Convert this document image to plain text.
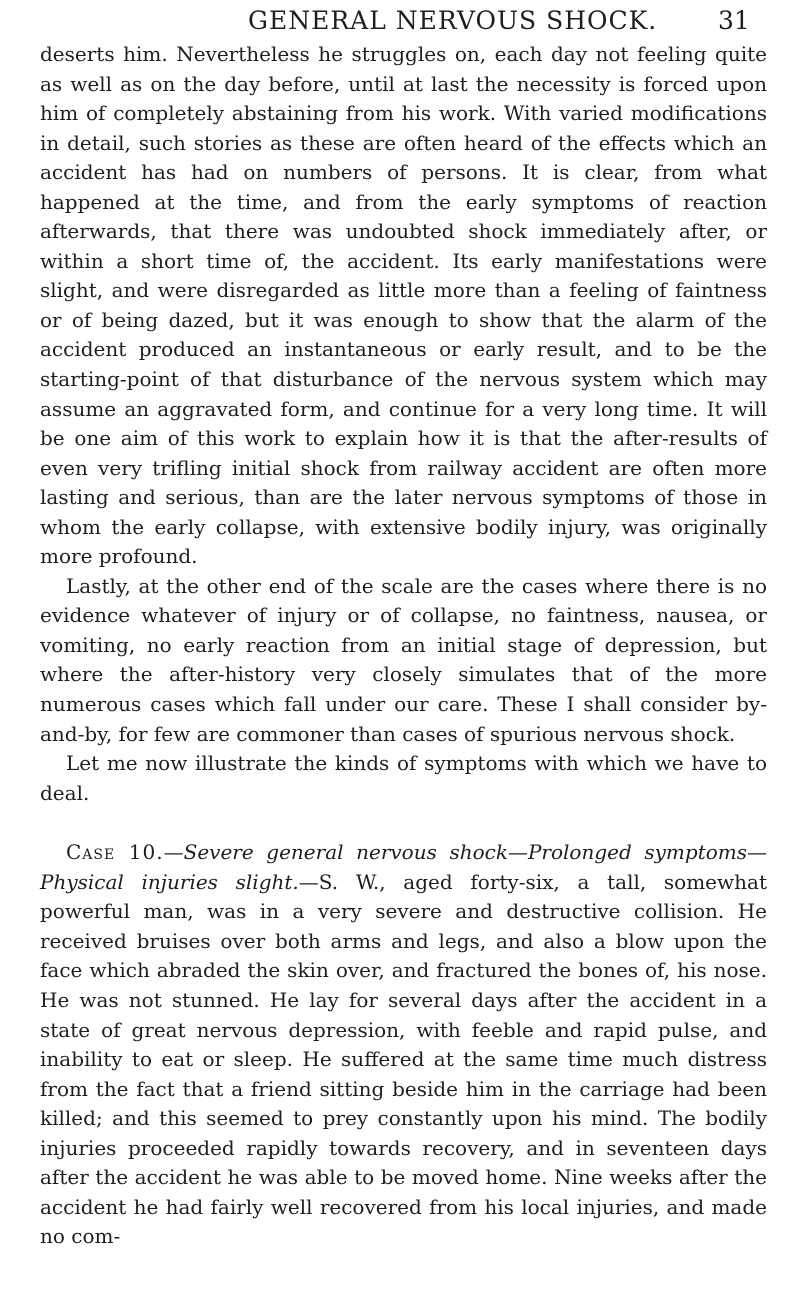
GENERAL NERVOUS SHOCK. 31

deserts him. Nevertheless he struggles on, each day not feeling quite as well as on the day before, until at last the necessity is forced upon him of completely abstaining from his work. With varied modifications in detail, such stories as these are often heard of the effects which an accident has had on numbers of persons. It is clear, from what happened at the time, and from the early symptoms of reaction afterwards, that there was undoubted shock immediately after, or within a short time of, the accident. Its early manifestations were slight, and were disregarded as little more than a feeling of faintness or of being dazed, but it was enough to show that the alarm of the accident produced an instantaneous or early result, and to be the starting-point of that disturbance of the nervous system which may assume an aggravated form, and continue for a very long time. It will be one aim of this work to explain how it is that the after-results of even very trifling initial shock from railway accident are often more lasting and serious, than are the later nervous symptoms of those in whom the early collapse, with extensive bodily injury, was originally more profound.

Lastly, at the other end of the scale are the cases where there is no evidence whatever of injury or of collapse, no faintness, nausea, or vomiting, no early reaction from an initial stage of depression, but where the after-history very closely simulates that of the more numerous cases which fall under our care. These I shall consider by-and-by, for few are commoner than cases of spurious nervous shock.

Let me now illustrate the kinds of symptoms with which we have to deal.

Case 10.—Severe general nervous shock—Prolonged symptoms—Physical injuries slight.—S. W., aged forty-six, a tall, somewhat powerful man, was in a very severe and destructive collision. He received bruises over both arms and legs, and also a blow upon the face which abraded the skin over, and fractured the bones of, his nose. He was not stunned. He lay for several days after the accident in a state of great nervous depression, with feeble and rapid pulse, and inability to eat or sleep. He suffered at the same time much distress from the fact that a friend sitting beside him in the carriage had been killed; and this seemed to prey constantly upon his mind. The bodily injuries proceeded rapidly towards recovery, and in seventeen days after the accident he was able to be moved home. Nine weeks after the accident he had fairly well recovered from his local injuries, and made no com-
